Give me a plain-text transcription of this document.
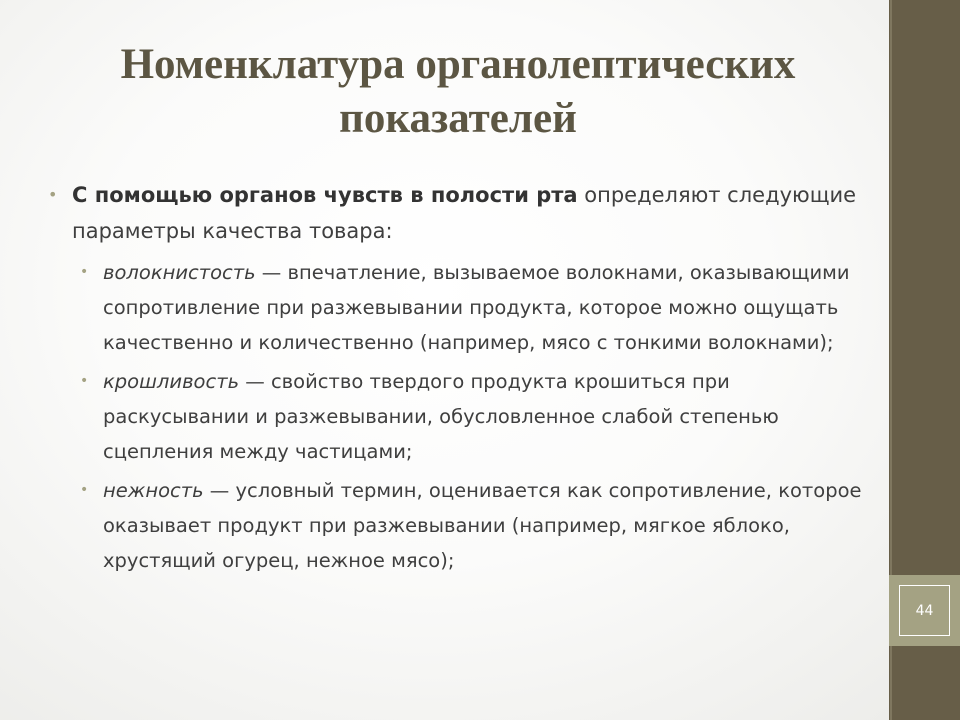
44
Номенклатура органолептических показателей

• С помощью органов чувств в полости рта определяют следующие параметры качества товара:

• волокнистость — впечатление, вызываемое волокнами, оказывающими сопротивление при разжевывании продукта, которое можно ощущать качественно и количественно (например, мясо с тонкими волокнами);

• крошливость — свойство твердого продукта крошиться при раскусывании и разжевывании, обусловленное слабой степенью сцепления между частицами;

• нежность — условный термин, оценивается как сопротивление, которое оказывает продукт при разжевывании (например, мягкое яблоко, хрустящий огурец, нежное мясо);
